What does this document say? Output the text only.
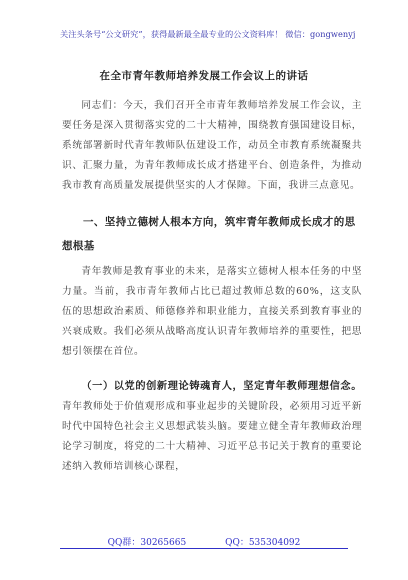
关注头条号“公文研究”，获得最新最全最专业的公文资料库！ 微信：gongwenyj
在全市青年教师培养发展工作会议上的讲话
同志们：今天，我们召开全市青年教师培养发展工作会议，主要任务是深入贯彻落实党的二十大精神，围绕教育强国建设目标，系统部署新时代青年教师队伍建设工作，动员全市教育系统凝聚共识、汇聚力量，为青年教师成长成才搭建平台、创造条件，为推动我市教育高质量发展提供坚实的人才保障。下面，我讲三点意见。
一、坚持立德树人根本方向，筑牢青年教师成长成才的思想根基
青年教师是教育事业的未来，是落实立德树人根本任务的中坚力量。当前，我市青年教师占比已超过教师总数的60%，这支队伍的思想政治素质、师德修养和职业能力，直接关系到教育事业的兴衰成败。我们必须从战略高度认识青年教师培养的重要性，把思想引领摆在首位。
（一）以党的创新理论铸魂育人，坚定青年教师理想信念。青年教师处于价值观形成和事业起步的关键阶段，必须用习近平新时代中国特色社会主义思想武装头脑。要建立健全青年教师政治理论学习制度，将党的二十大精神、习近平总书记关于教育的重要论述纳入教师培训核心课程，
QQ群：30265665	QQ：535304092
